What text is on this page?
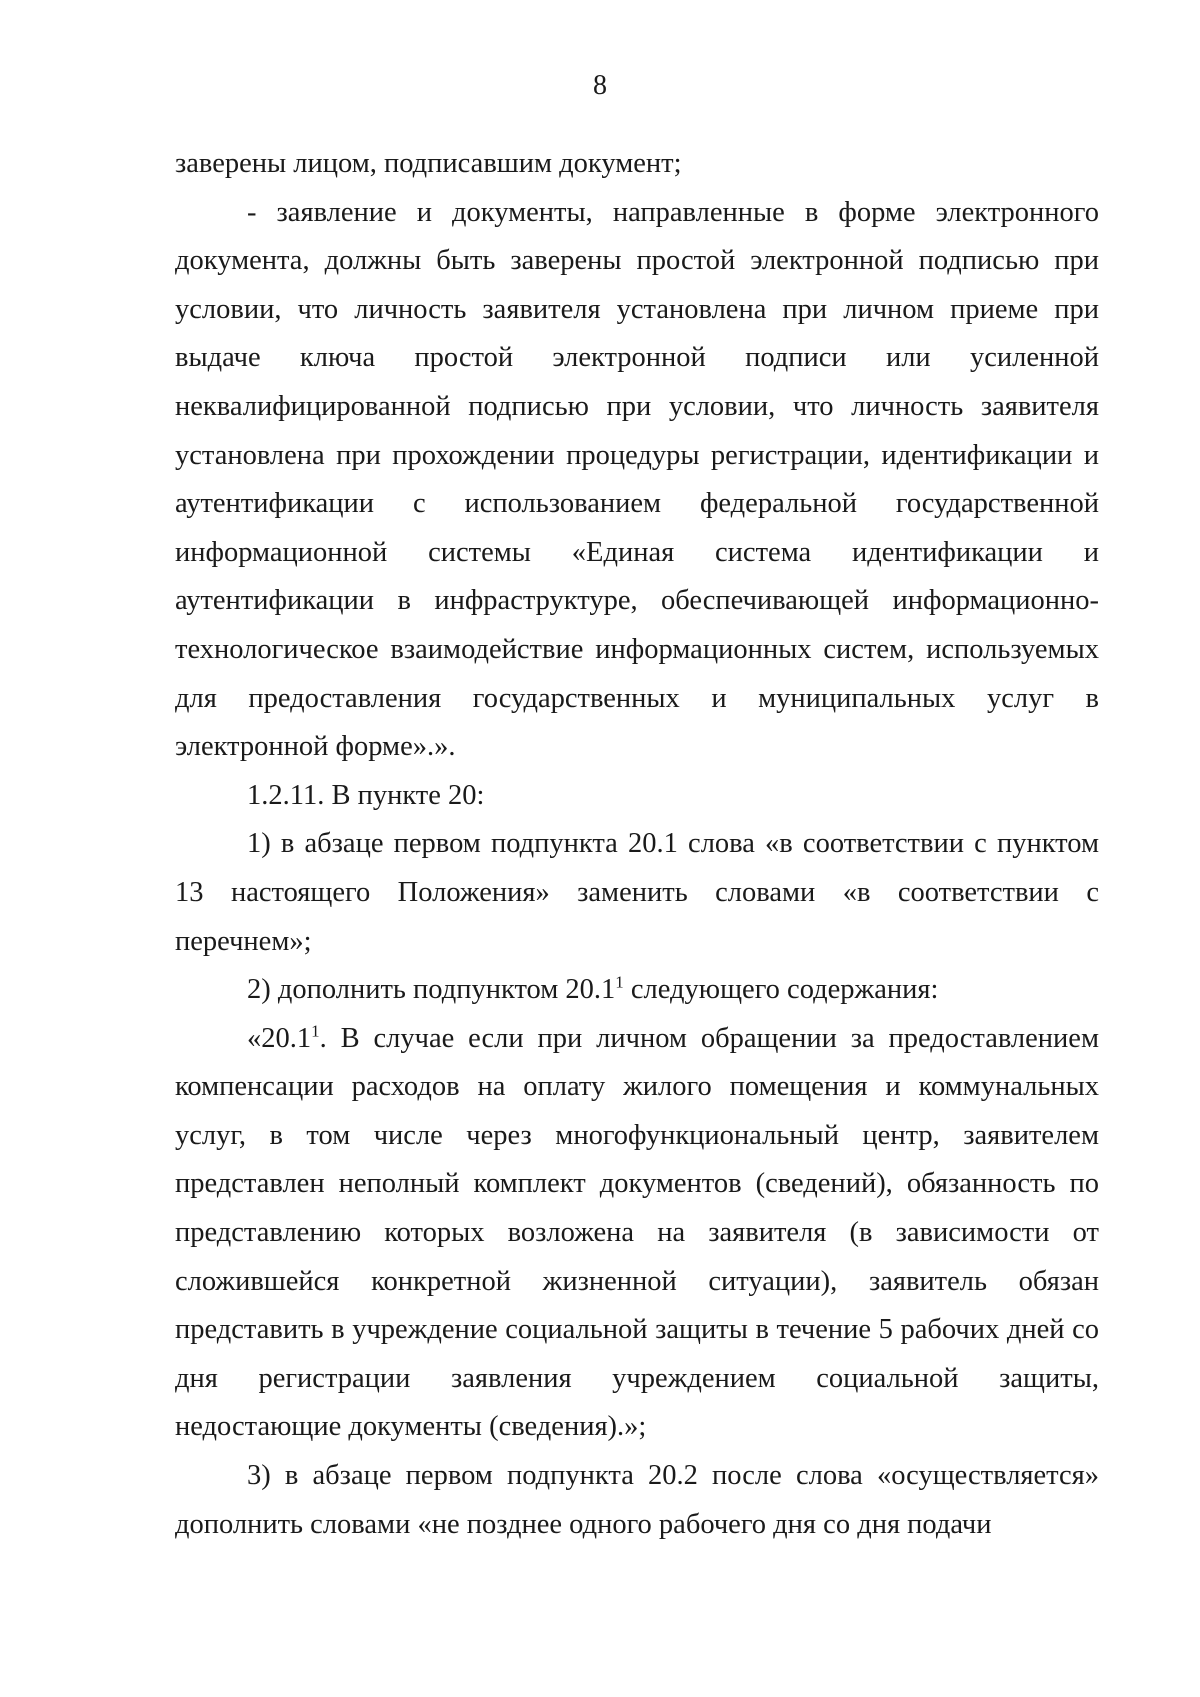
8

заверены лицом, подписавшим документ;

- заявление и документы, направленные в форме электронного документа, должны быть заверены простой электронной подписью при условии, что личность заявителя установлена при личном приеме при выдаче ключа простой электронной подписи или усиленной неквалифицированной подписью при условии, что личность заявителя установлена при прохождении процедуры регистрации, идентификации и аутентификации с использованием федеральной государственной информационной системы «Единая система идентификации и аутентификации в инфраструктуре, обеспечивающей информационно-технологическое взаимодействие информационных систем, используемых для предоставления государственных и муниципальных услуг в электронной форме».».

1.2.11. В пункте 20:

1) в абзаце первом подпункта 20.1 слова «в соответствии с пунктом 13 настоящего Положения» заменить словами «в соответствии с перечнем»;

2) дополнить подпунктом 20.1$^1$ следующего содержания:

«20.1$^1$. В случае если при личном обращении за предоставлением компенсации расходов на оплату жилого помещения и коммунальных услуг, в том числе через многофункциональный центр, заявителем представлен неполный комплект документов (сведений), обязанность по представлению которых возложена на заявителя (в зависимости от сложившейся конкретной жизненной ситуации), заявитель обязан представить в учреждение социальной защиты в течение 5 рабочих дней со дня регистрации заявления учреждением социальной защиты, недостающие документы (сведения).»;

3) в абзаце первом подпункта 20.2 после слова «осуществляется» дополнить словами «не позднее одного рабочего дня со дня подачи
